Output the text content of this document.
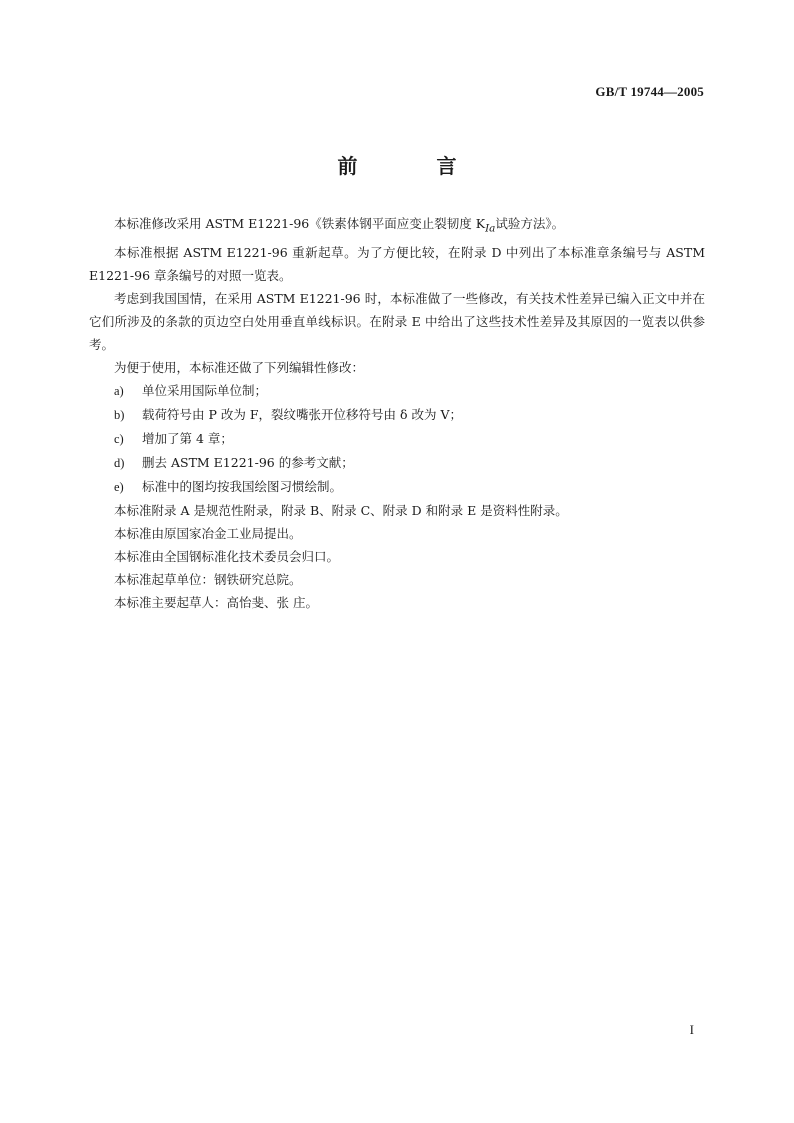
GB/T 19744—2005
前 言

本标准修改采用 ASTM E1221-96《铁素体钢平面应变止裂韧度 $K_{Ia}$试验方法》。

本标准根据 ASTM E1221-96 重新起草。为了方便比较，在附录 D 中列出了本标准章条编号与 ASTM E1221-96 章条编号的对照一览表。

考虑到我国国情，在采用 ASTM E1221-96 时，本标准做了一些修改，有关技术性差异已编入正文中并在它们所涉及的条款的页边空白处用垂直单线标识。在附录 E 中给出了这些技术性差异及其原因的一览表以供参考。

为便于使用，本标准还做了下列编辑性修改：

a) 单位采用国际单位制；

b) 载荷符号由 P 改为 F，裂纹嘴张开位移符号由 δ 改为 V；

c) 增加了第 4 章；

d) 删去 ASTM E1221-96 的参考文献；

e) 标准中的图均按我国绘图习惯绘制。

本标准附录 A 是规范性附录，附录 B、附录 C、附录 D 和附录 E 是资料性附录。

本标准由原国家冶金工业局提出。

本标准由全国钢标准化技术委员会归口。

本标准起草单位：钢铁研究总院。

本标准主要起草人：高怡斐、张 庄。

I
